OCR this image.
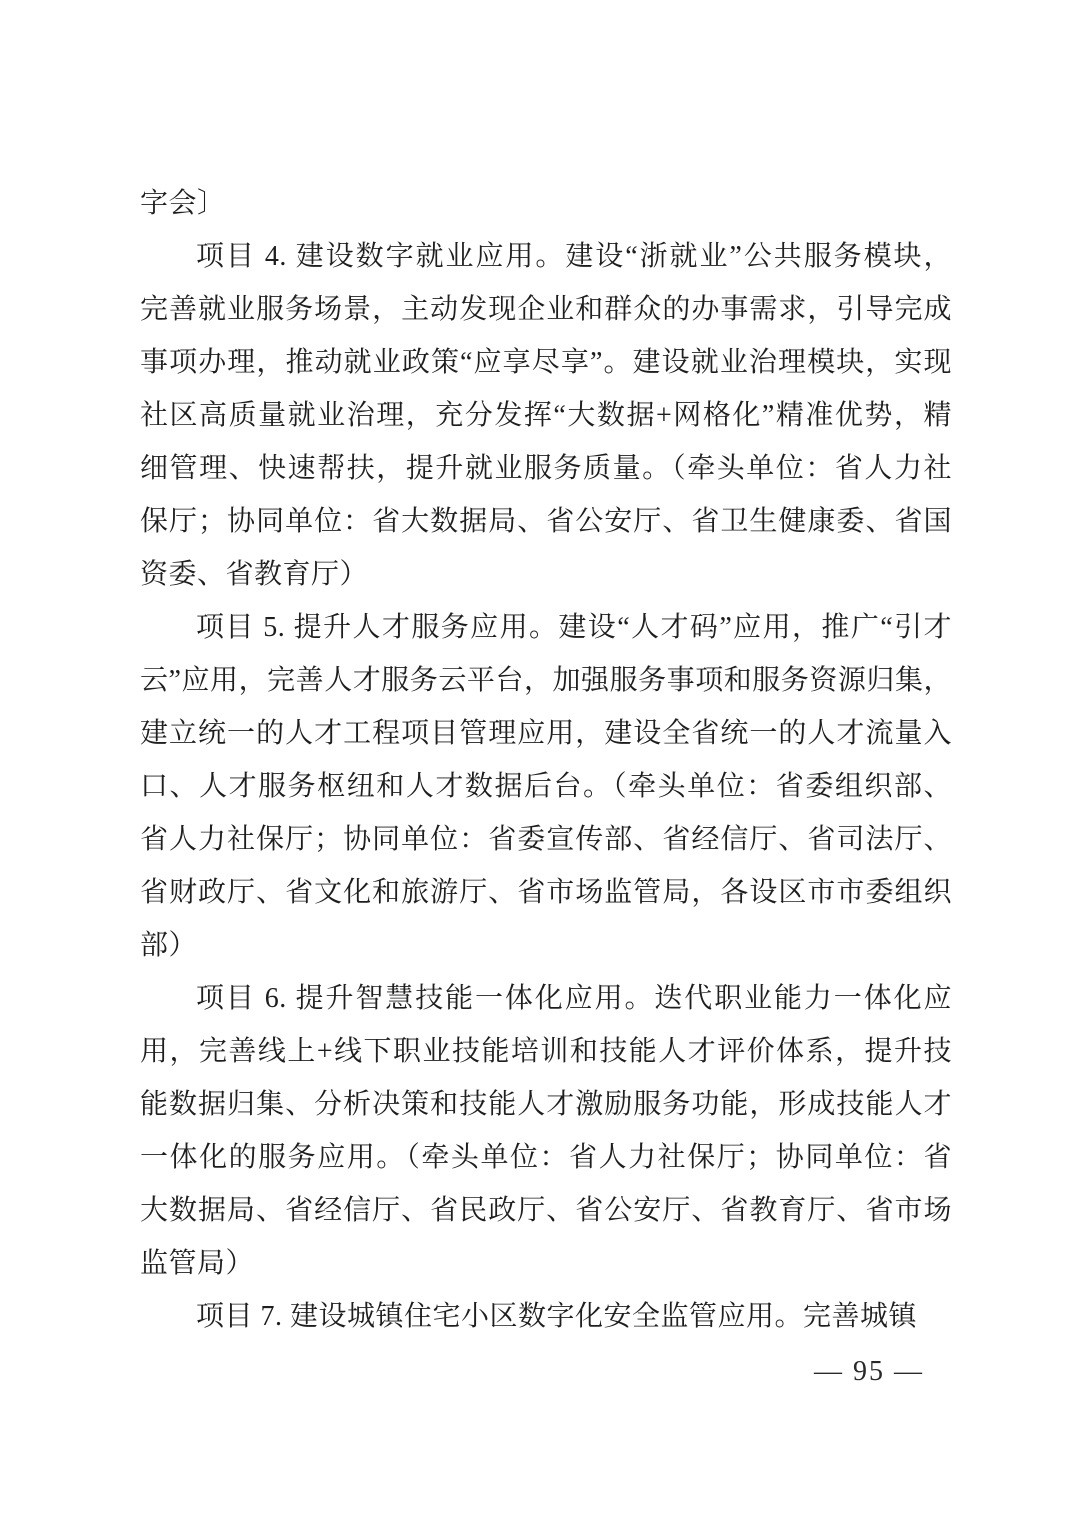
字会〕
项目 4. 建设数字就业应用。建设“浙就业”公共服务模块，
完善就业服务场景，主动发现企业和群众的办事需求，引导完成
事项办理，推动就业政策“应享尽享”。建设就业治理模块，实现
社区高质量就业治理，充分发挥“大数据+网格化”精准优势，精
细管理、快速帮扶，提升就业服务质量。（牵头单位：省人力社
保厅；协同单位：省大数据局、省公安厅、省卫生健康委、省国
资委、省教育厅）
项目 5. 提升人才服务应用。建设“人才码”应用，推广“引才
云”应用，完善人才服务云平台，加强服务事项和服务资源归集，
建立统一的人才工程项目管理应用，建设全省统一的人才流量入
口、人才服务枢纽和人才数据后台。（牵头单位：省委组织部、
省人力社保厅；协同单位：省委宣传部、省经信厅、省司法厅、
省财政厅、省文化和旅游厅、省市场监管局，各设区市市委组织
部）
项目 6. 提升智慧技能一体化应用。迭代职业能力一体化应
用，完善线上+线下职业技能培训和技能人才评价体系，提升技
能数据归集、分析决策和技能人才激励服务功能，形成技能人才
一体化的服务应用。（牵头单位：省人力社保厅；协同单位：省
大数据局、省经信厅、省民政厅、省公安厅、省教育厅、省市场
监管局）
项目 7. 建设城镇住宅小区数字化安全监管应用。完善城镇
— 95 —
